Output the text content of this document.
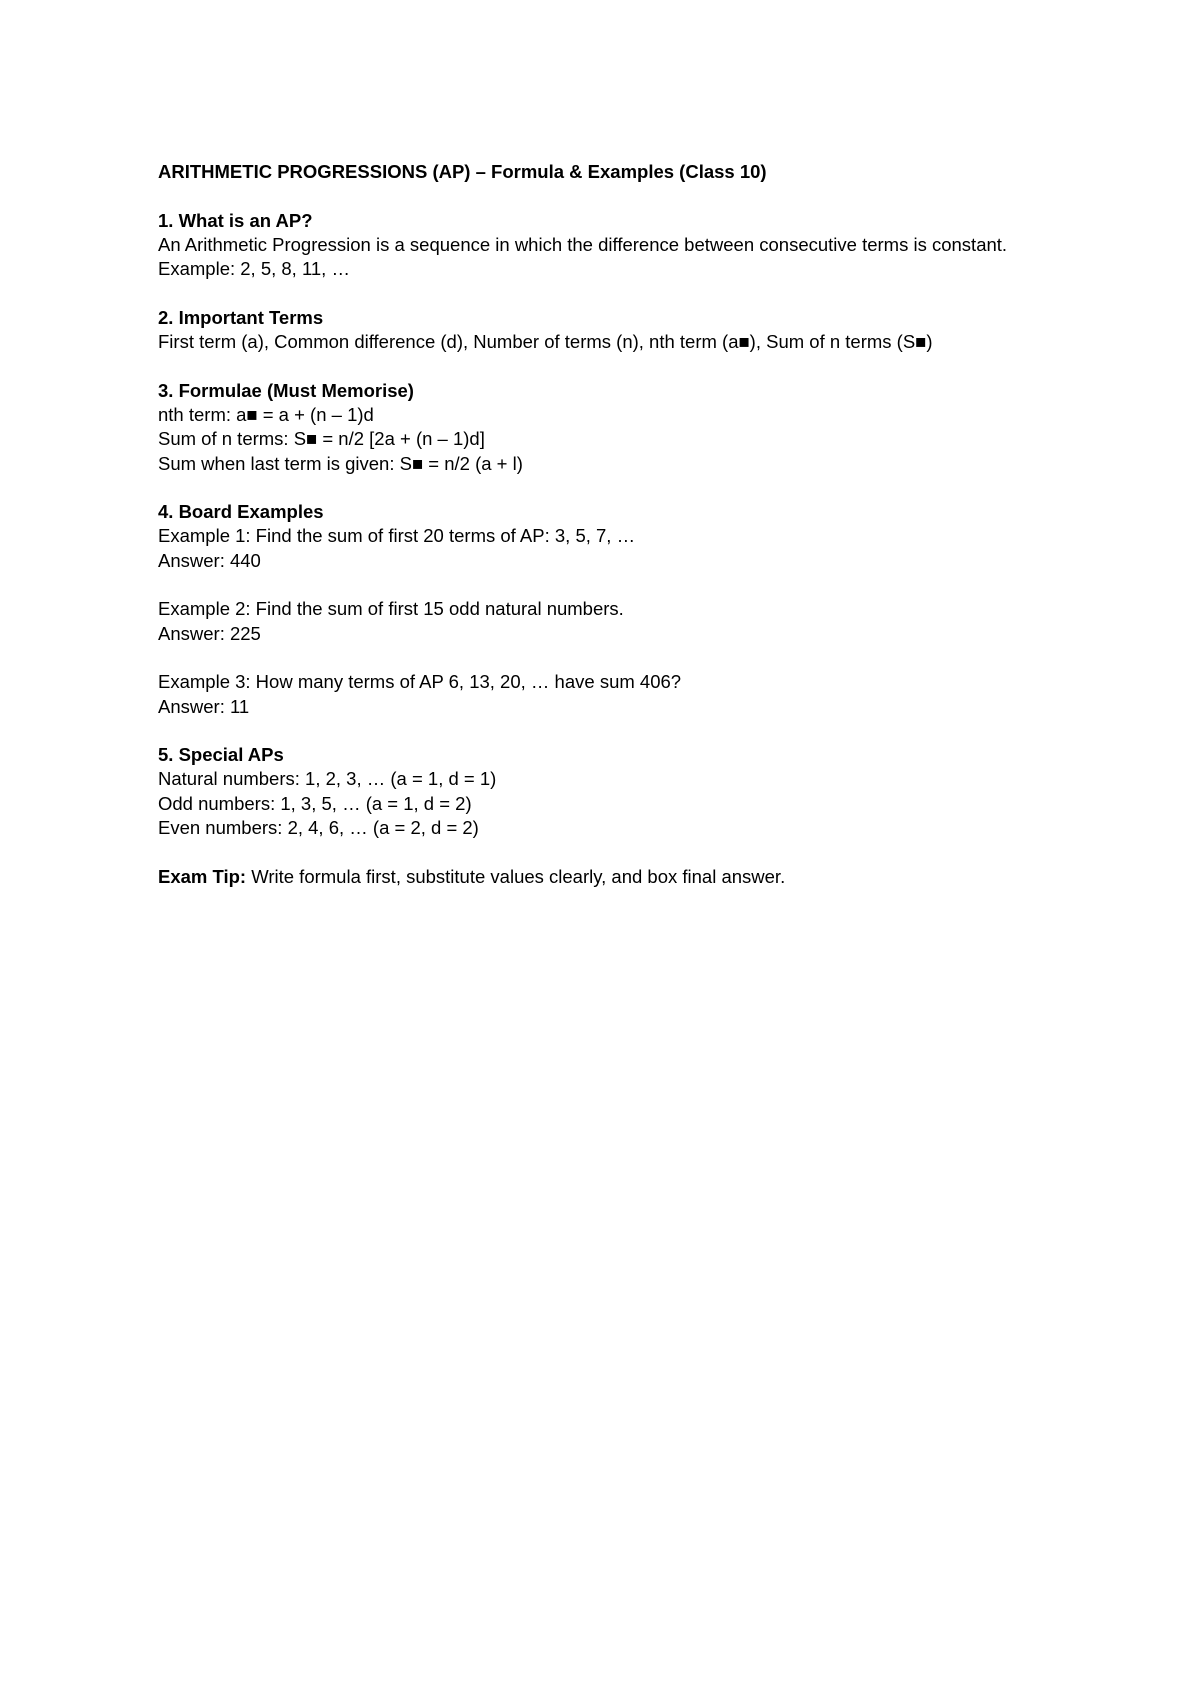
ARITHMETIC PROGRESSIONS (AP) – Formula & Examples (Class 10)
1. What is an AP?
An Arithmetic Progression is a sequence in which the difference between consecutive terms is constant.
Example: 2, 5, 8, 11, …
2. Important Terms
First term (a), Common difference (d), Number of terms (n), nth term (a■), Sum of n terms (S■)
3. Formulae (Must Memorise)
nth term: a■ = a + (n – 1)d
Sum of n terms: S■ = n/2 [2a + (n – 1)d]
Sum when last term is given: S■ = n/2 (a + l)
4. Board Examples
Example 1: Find the sum of first 20 terms of AP: 3, 5, 7, …
Answer: 440
Example 2: Find the sum of first 15 odd natural numbers.
Answer: 225
Example 3: How many terms of AP 6, 13, 20, … have sum 406?
Answer: 11
5. Special APs
Natural numbers: 1, 2, 3, … (a = 1, d = 1)
Odd numbers: 1, 3, 5, … (a = 1, d = 2)
Even numbers: 2, 4, 6, … (a = 2, d = 2)
Exam Tip: Write formula first, substitute values clearly, and box final answer.
